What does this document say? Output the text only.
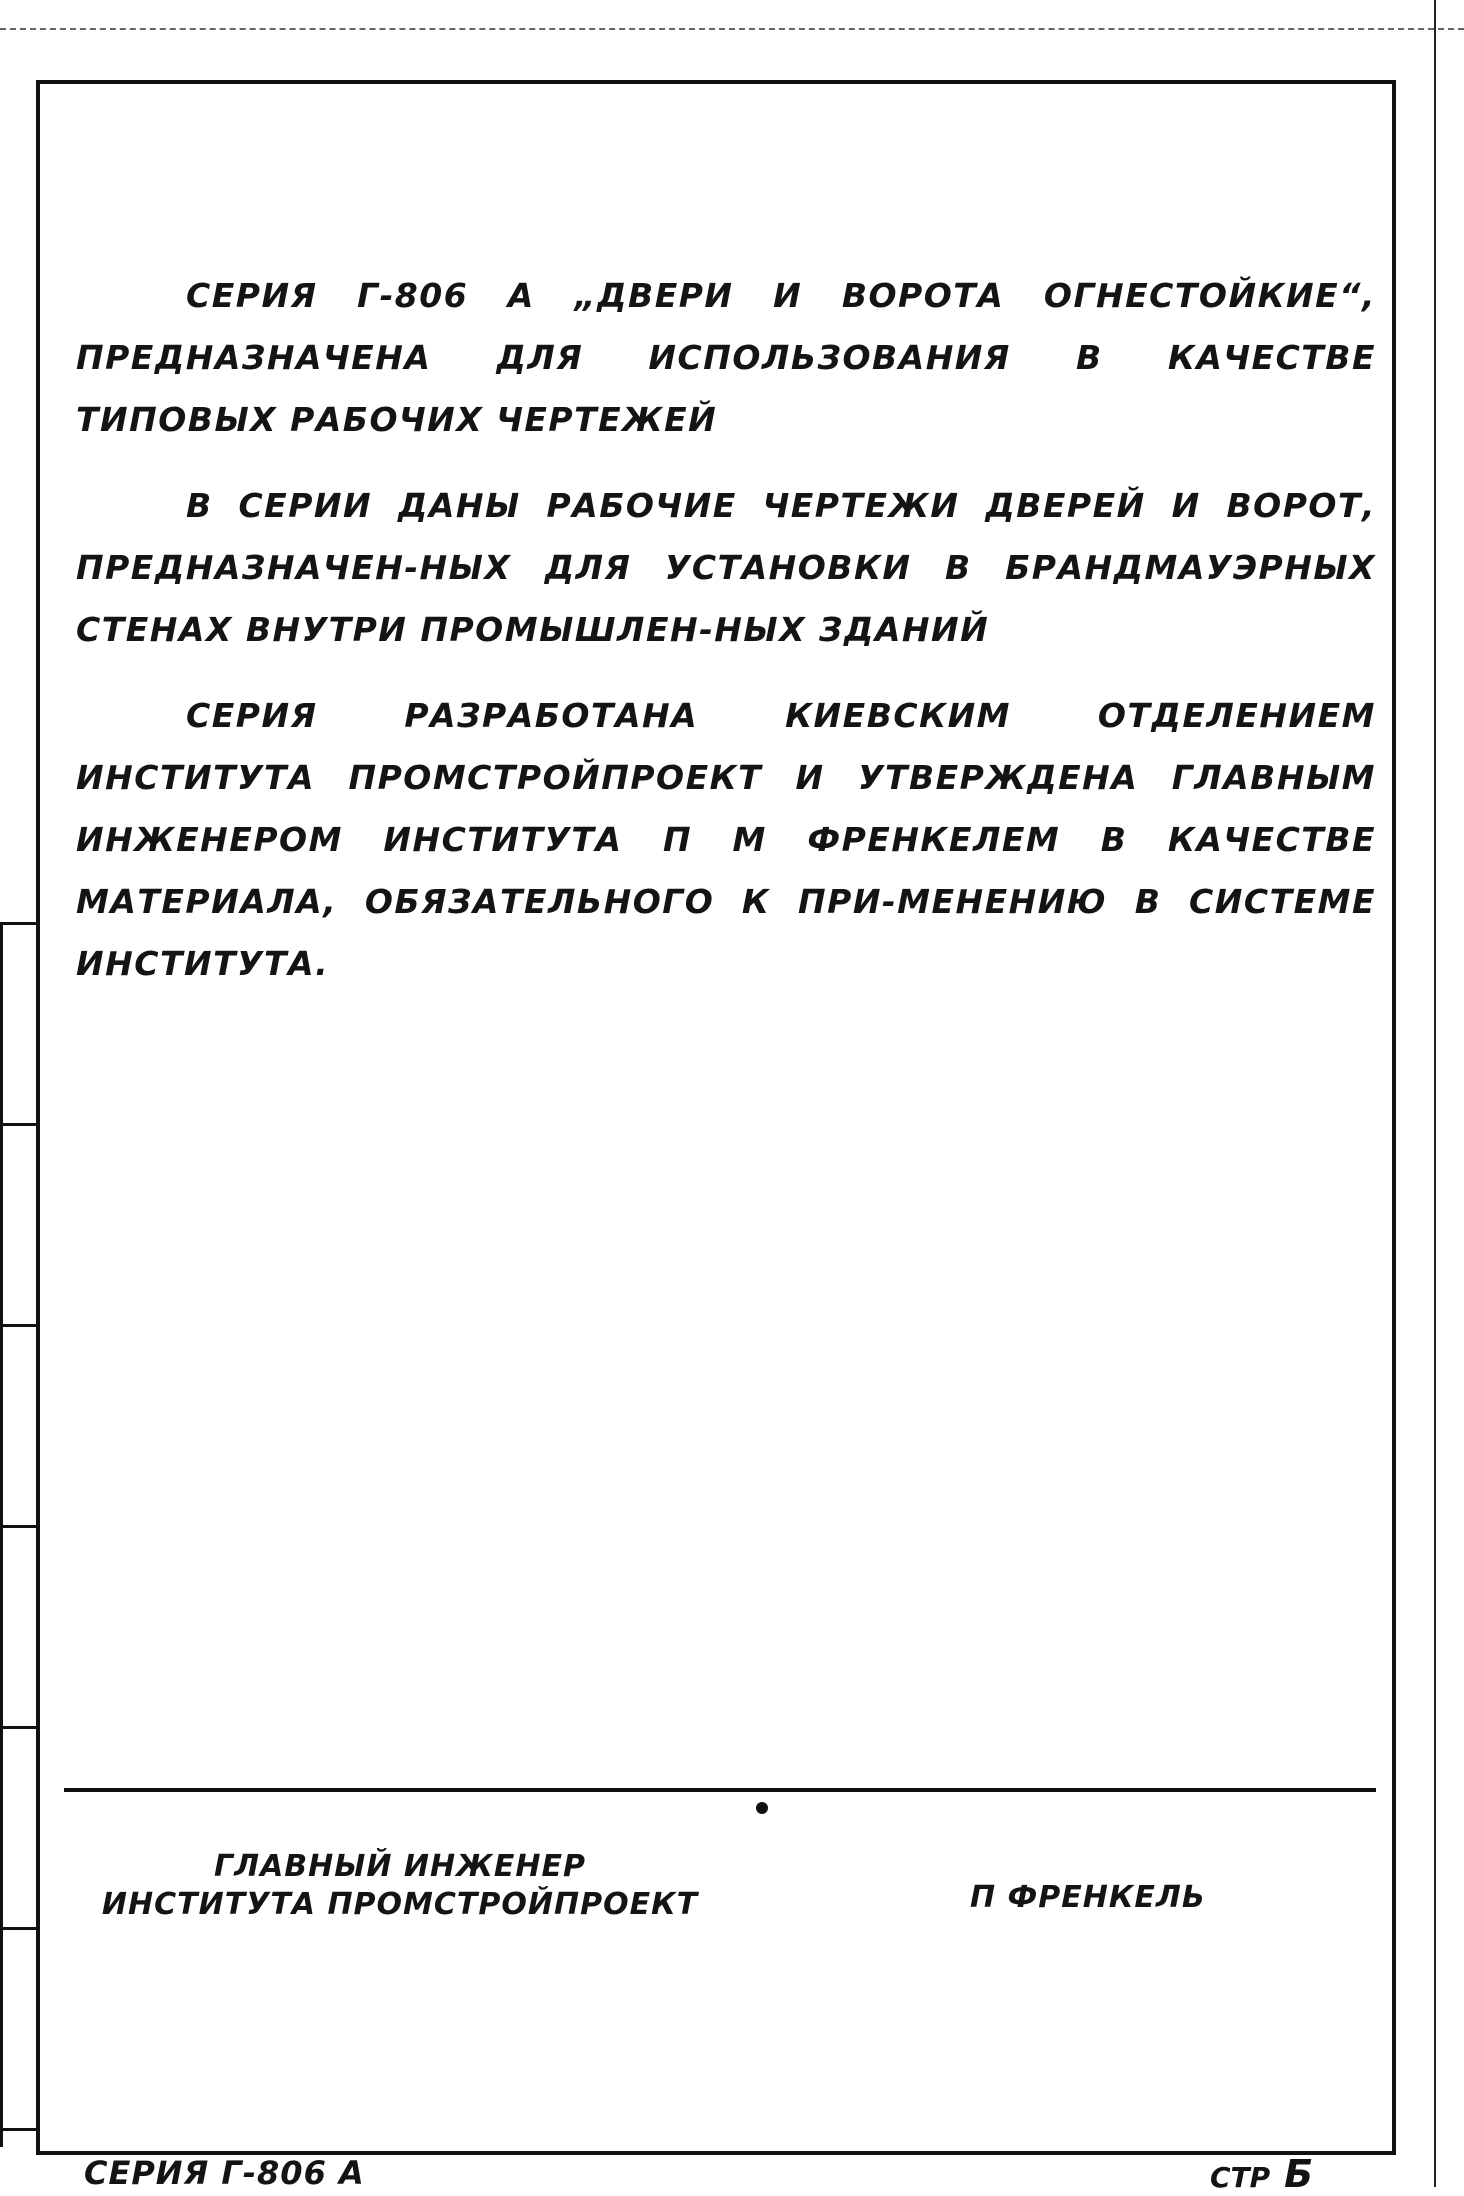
СЕРИЯ Г-806 А „ДВЕРИ И ВОРОТА ОГНЕСТОЙКИЕ“, ПРЕДНАЗНАЧЕНА ДЛЯ ИСПОЛЬЗОВАНИЯ В КАЧЕСТВЕ ТИПОВЫХ РАБОЧИХ ЧЕРТЕЖЕЙ

В СЕРИИ ДАНЫ РАБОЧИЕ ЧЕРТЕЖИ ДВЕРЕЙ И ВОРОТ, ПРЕДНАЗНАЧЕН-НЫХ ДЛЯ УСТАНОВКИ В БРАНДМАУЭРНЫХ СТЕНАХ ВНУТРИ ПРОМЫШЛЕН-НЫХ ЗДАНИЙ

СЕРИЯ РАЗРАБОТАНА КИЕВСКИМ ОТДЕЛЕНИЕМ ИНСТИТУТА ПРОМСТРОЙПРОЕКТ И УТВЕРЖДЕНА ГЛАВНЫМ ИНЖЕНЕРОМ ИНСТИТУТА П М ФРЕНКЕЛЕМ В КАЧЕСТВЕ МАТЕРИАЛА, ОБЯЗАТЕЛЬНОГО К ПРИ-МЕНЕНИЮ В СИСТЕМЕ ИНСТИТУТА.

ГЛАВНЫЙ ИНЖЕНЕР
ИНСТИТУТА ПРОМСТРОЙПРОЕКТ	П ФРЕНКЕЛЬ
СЕРИЯ Г-806 А	СТР Б
